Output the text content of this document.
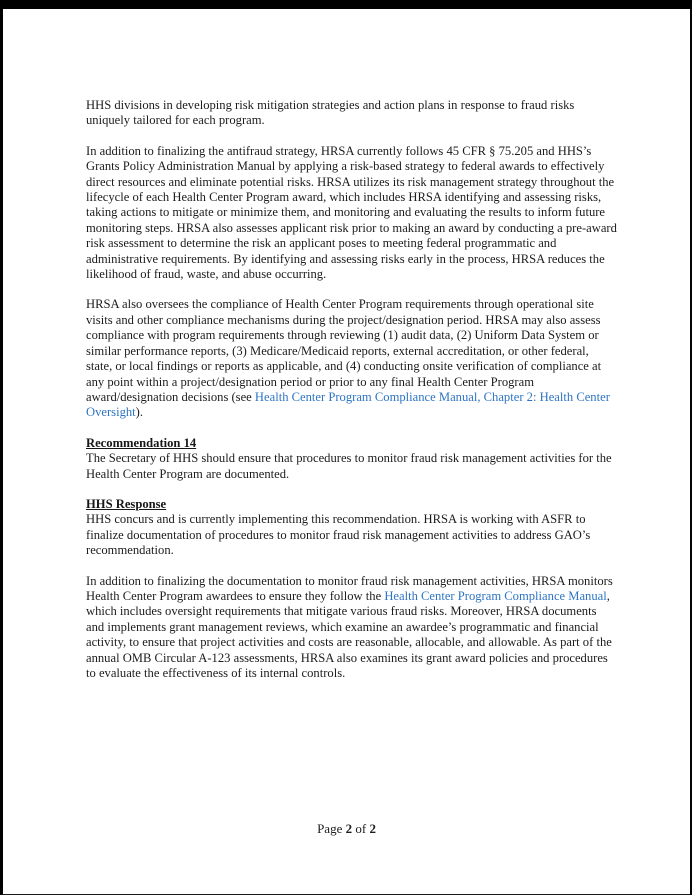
HHS divisions in developing risk mitigation strategies and action plans in response to fraud risks uniquely tailored for each program.

In addition to finalizing the antifraud strategy, HRSA currently follows 45 CFR § 75.205 and HHS’s Grants Policy Administration Manual by applying a risk-based strategy to federal awards to effectively direct resources and eliminate potential risks. HRSA utilizes its risk management strategy throughout the lifecycle of each Health Center Program award, which includes HRSA identifying and assessing risks, taking actions to mitigate or minimize them, and monitoring and evaluating the results to inform future monitoring steps. HRSA also assesses applicant risk prior to making an award by conducting a pre-award risk assessment to determine the risk an applicant poses to meeting federal programmatic and administrative requirements. By identifying and assessing risks early in the process, HRSA reduces the likelihood of fraud, waste, and abuse occurring.

HRSA also oversees the compliance of Health Center Program requirements through operational site visits and other compliance mechanisms during the project/designation period. HRSA may also assess compliance with program requirements through reviewing (1) audit data, (2) Uniform Data System or similar performance reports, (3) Medicare/Medicaid reports, external accreditation, or other federal, state, or local findings or reports as applicable, and (4) conducting onsite verification of compliance at any point within a project/designation period or prior to any final Health Center Program award/designation decisions (see Health Center Program Compliance Manual, Chapter 2: Health Center Oversight).

Recommendation 14

The Secretary of HHS should ensure that procedures to monitor fraud risk management activities for the Health Center Program are documented.

HHS Response

HHS concurs and is currently implementing this recommendation. HRSA is working with ASFR to finalize documentation of procedures to monitor fraud risk management activities to address GAO’s recommendation.

In addition to finalizing the documentation to monitor fraud risk management activities, HRSA monitors Health Center Program awardees to ensure they follow the Health Center Program Compliance Manual, which includes oversight requirements that mitigate various fraud risks. Moreover, HRSA documents and implements grant management reviews, which examine an awardee’s programmatic and financial activity, to ensure that project activities and costs are reasonable, allocable, and allowable. As part of the annual OMB Circular A-123 assessments, HRSA also examines its grant award policies and procedures to evaluate the effectiveness of its internal controls.

Page 2 of 2
